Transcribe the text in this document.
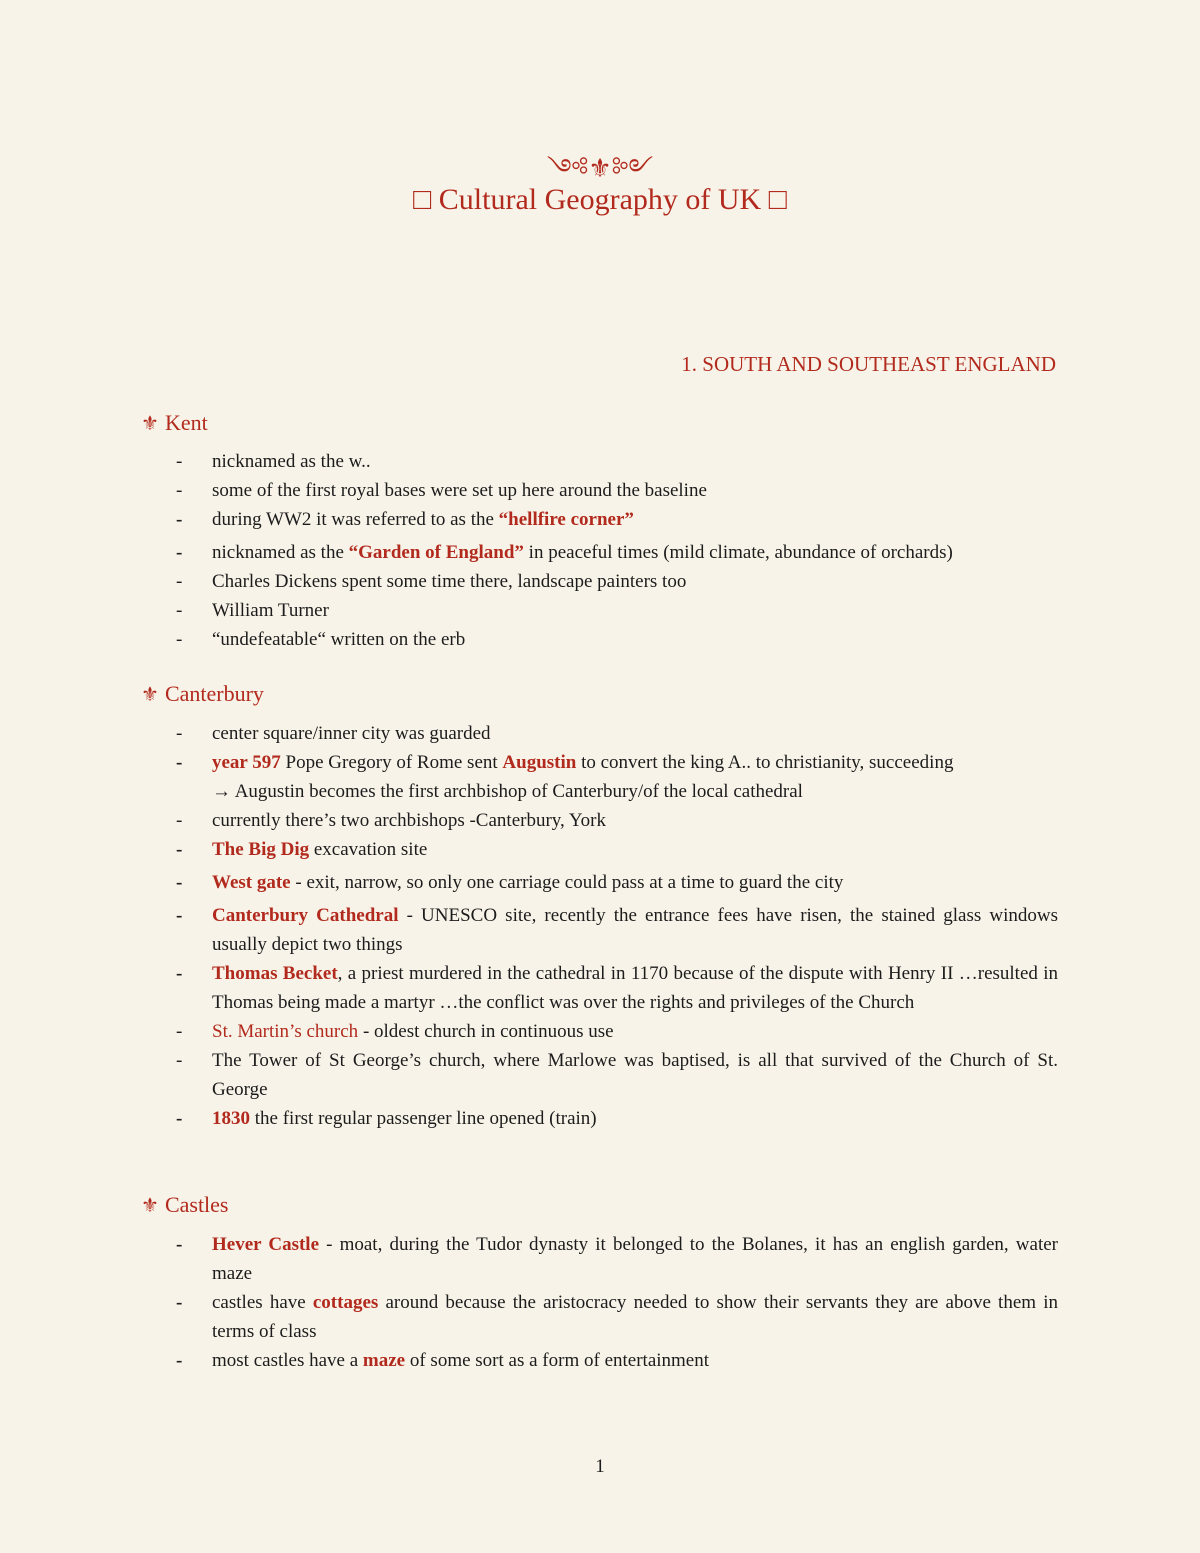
༺⚜༻
□ Cultural Geography of UK □
1. SOUTH AND SOUTHEAST ENGLAND
⚜ Kent
- nicknamed as the w..
- some of the first royal bases were set up here around the baseline
- during WW2 it was referred to as the “hellfire corner”
- nicknamed as the “Garden of England” in peaceful times (mild climate, abundance of orchards)
- Charles Dickens spent some time there, landscape painters too
- William Turner
- “undefeatable“ written on the erb
⚜ Canterbury
- center square/inner city was guarded
- year 597 Pope Gregory of Rome sent Augustin to convert the king A.. to christianity, succeeding
→ Augustin becomes the first archbishop of Canterbury/of the local cathedral
- currently there’s two archbishops -Canterbury, York
- The Big Dig excavation site
- West gate - exit, narrow, so only one carriage could pass at a time to guard the city
- Canterbury Cathedral - UNESCO site, recently the entrance fees have risen, the stained glass windows usually depict two things
- Thomas Becket, a priest murdered in the cathedral in 1170 because of the dispute with Henry II …resulted in Thomas being made a martyr …the conflict was over the rights and privileges of the Church
- St. Martin’s church - oldest church in continuous use
- The Tower of St George’s church, where Marlowe was baptised, is all that survived of the Church of St. George
- 1830 the first regular passenger line opened (train)
⚜ Castles
- Hever Castle - moat, during the Tudor dynasty it belonged to the Bolanes, it has an english garden, water maze
- castles have cottages around because the aristocracy needed to show their servants they are above them in terms of class
- most castles have a maze of some sort as a form of entertainment
1
